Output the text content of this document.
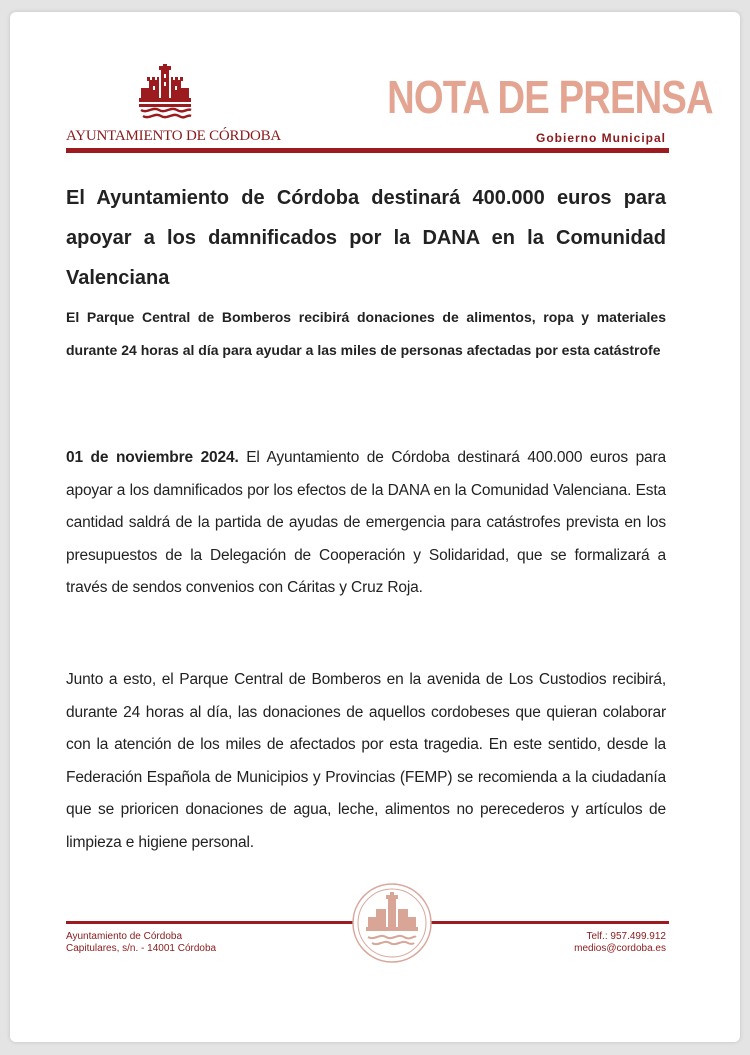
AYUNTAMIENTO DE CÓRDOBA
NOTA DE PRENSA
Gobierno Municipal
El Ayuntamiento de Córdoba destinará 400.000 euros para apoyar a los damnificados por la DANA en la Comunidad Valenciana
El Parque Central de Bomberos recibirá donaciones de alimentos, ropa y materiales durante 24 horas al día para ayudar a las miles de personas afectadas por esta catástrofe
01 de noviembre 2024. El Ayuntamiento de Córdoba destinará 400.000 euros para apoyar a los damnificados por los efectos de la DANA en la Comunidad Valenciana. Esta cantidad saldrá de la partida de ayudas de emergencia para catástrofes prevista en los presupuestos de la Delegación de Cooperación y Solidaridad, que se formalizará a través de sendos convenios con Cáritas y Cruz Roja.
Junto a esto, el Parque Central de Bomberos en la avenida de Los Custodios recibirá, durante 24 horas al día, las donaciones de aquellos cordobeses que quieran colaborar con la atención de los miles de afectados por esta tragedia. En este sentido, desde la Federación Española de Municipios y Provincias (FEMP) se recomienda a la ciudadanía que se prioricen donaciones de agua, leche, alimentos no perecederos y artículos de limpieza e higiene personal.
Ayuntamiento de Córdoba
Capitulares, s/n. - 14001 Córdoba
Telf.: 957.499.912
medios@cordoba.es
